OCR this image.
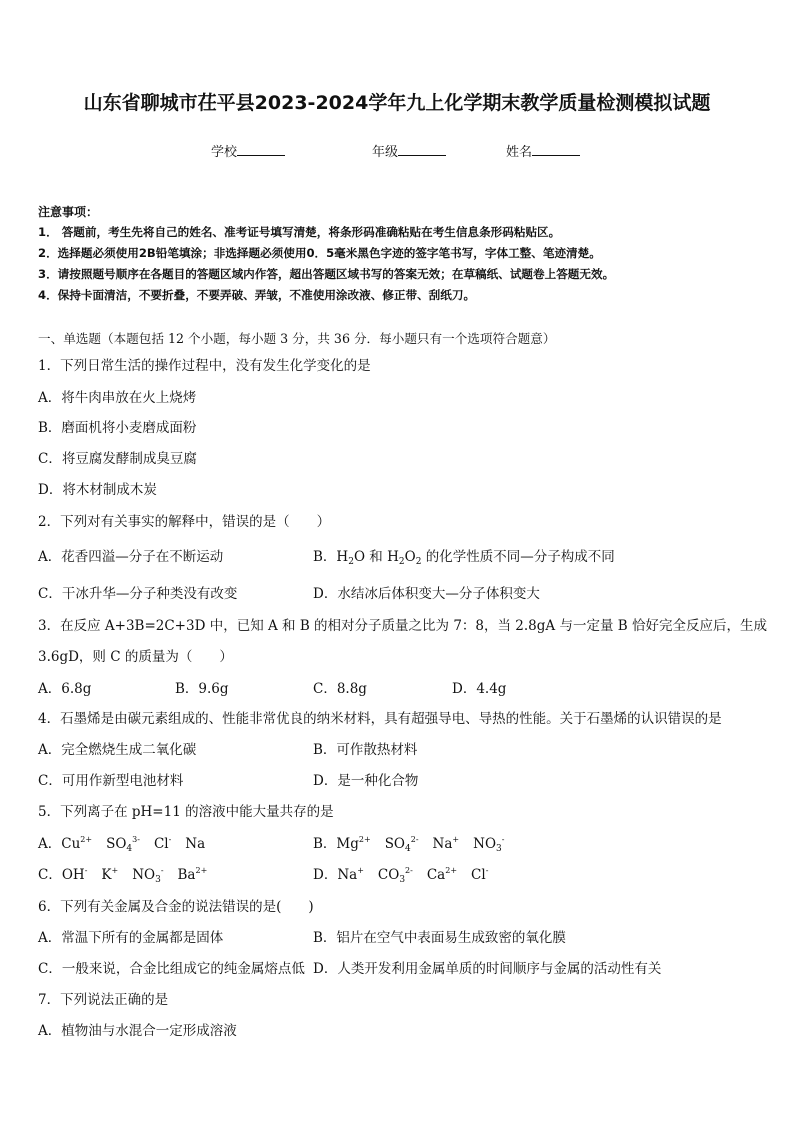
山东省聊城市茌平县2023-2024学年九上化学期末教学质量检测模拟试题
学校	年级	姓名
注意事项：
1． 答题前，考生先将自己的姓名、准考证号填写清楚，将条形码准确粘贴在考生信息条形码粘贴区。
2．选择题必须使用2B铅笔填涂；非选择题必须使用0．5毫米黑色字迹的签字笔书写，字体工整、笔迹清楚。
3．请按照题号顺序在各题目的答题区域内作答，超出答题区域书写的答案无效；在草稿纸、试题卷上答题无效。
4．保持卡面清洁，不要折叠，不要弄破、弄皱，不准使用涂改液、修正带、刮纸刀。
一、单选题（本题包括 12 个小题，每小题 3 分，共 36 分．每小题只有一个选项符合题意）
1．下列日常生活的操作过程中，没有发生化学变化的是
A．将牛肉串放在火上烧烤
B．磨面机将小麦磨成面粉
C．将豆腐发酵制成臭豆腐
D．将木材制成木炭
2．下列对有关事实的解释中，错误的是（　　）
A．花香四溢—分子在不断运动	B．$H_2O$ 和 $H_2O_2$ 的化学性质不同—分子构成不同
C．干冰升华—分子种类没有改变	D．水结冰后体积变大—分子体积变大
3．在反应 A+3B=2C+3D 中，已知 A 和 B 的相对分子质量之比为 7：8，当 2.8gA 与一定量 B 恰好完全反应后，生成
3.6gD，则 C 的质量为（　　）
A．6.8g	B．9.6g	C．8.8g	D．4.4g
4．石墨烯是由碳元素组成的、性能非常优良的纳米材料，具有超强导电、导热的性能。关于石墨烯的认识错误的是
A．完全燃烧生成二氧化碳	B．可作散热材料
C．可用作新型电池材料	D．是一种化合物
5．下列离子在 pH=11 的溶液中能大量共存的是
A．$Cu^{2+}$ $SO_4^{3-}$ Cl- Na	B．$Mg^{2+}$ $SO_4^{2-}$ Na+ $NO_3^-$
C．OH- K+ $NO_3^-$ $Ba^{2+}$	D．Na+ $CO_3^{2-}$ $Ca^{2+}$ Cl-
6．下列有关金属及合金的说法错误的是(　　)
A．常温下所有的金属都是固体	B．铝片在空气中表面易生成致密的氧化膜
C．一般来说，合金比组成它的纯金属熔点低 D．人类开发利用金属单质的时间顺序与金属的活动性有关
7．下列说法正确的是
A．植物油与水混合一定形成溶液
